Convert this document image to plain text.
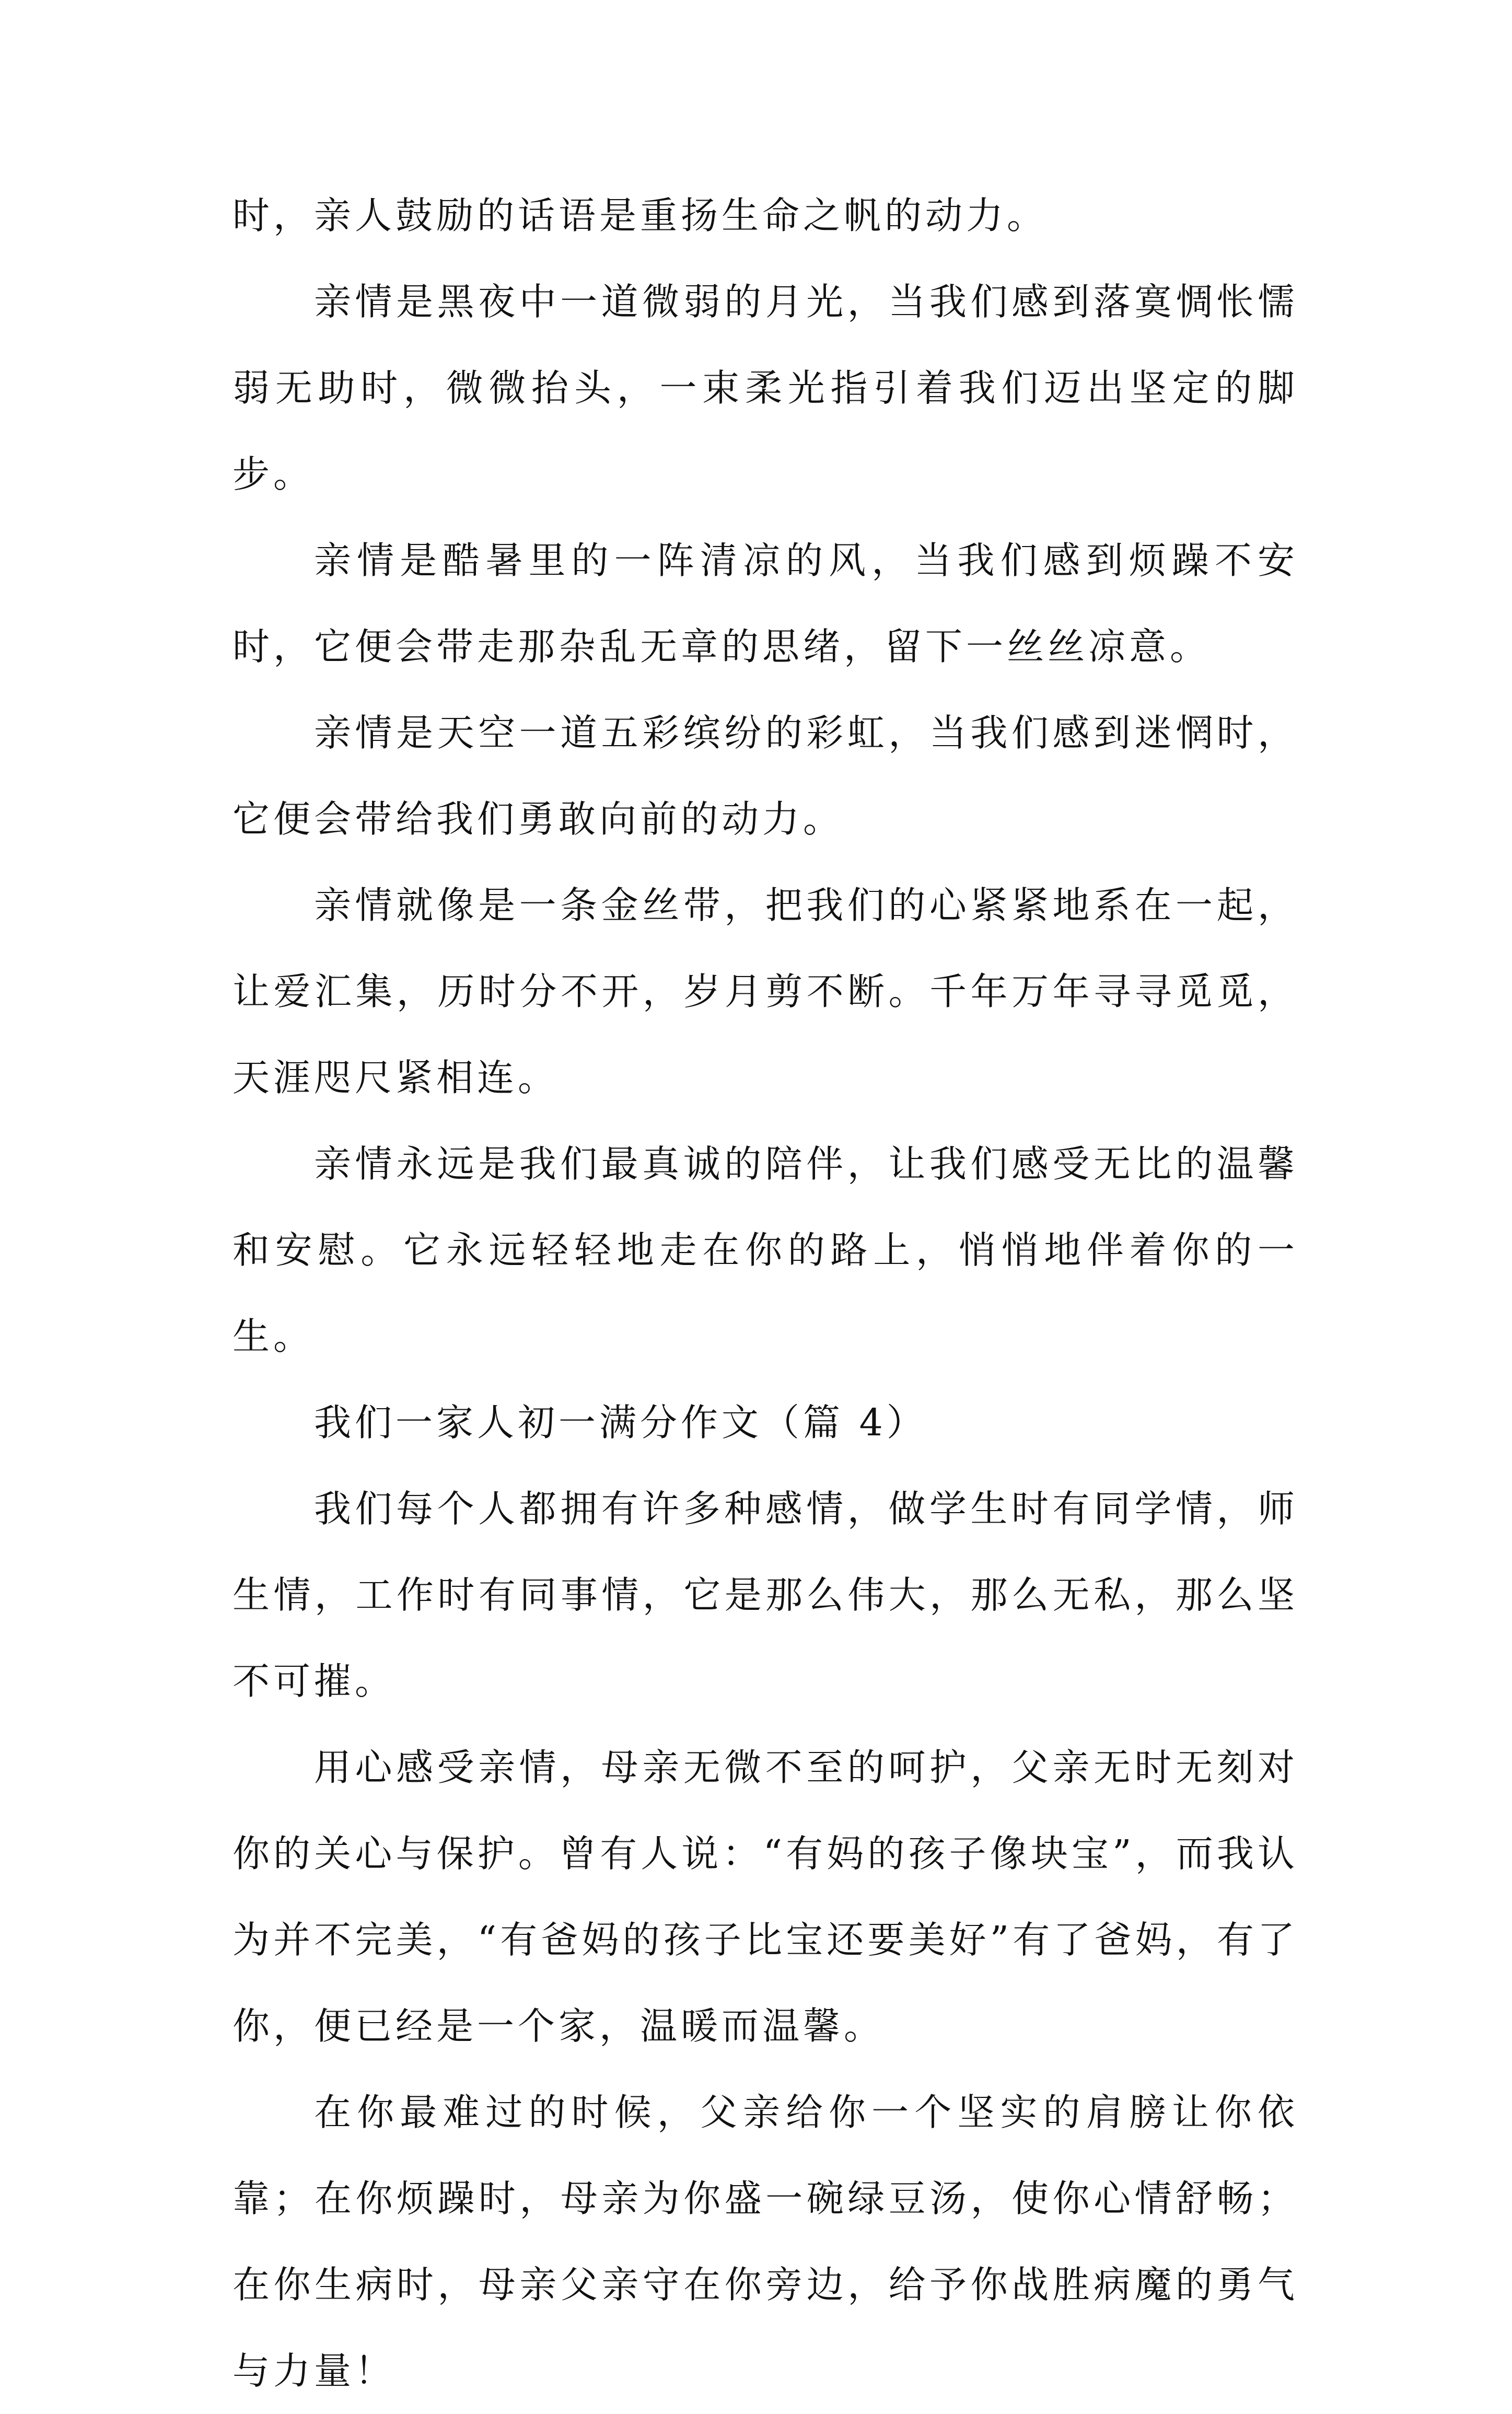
时，亲人鼓励的话语是重扬生命之帆的动力。

亲情是黑夜中一道微弱的月光，当我们感到落寞惆怅懦弱无助时，微微抬头，一束柔光指引着我们迈出坚定的脚步。

亲情是酷暑里的一阵清凉的风，当我们感到烦躁不安时，它便会带走那杂乱无章的思绪，留下一丝丝凉意。

亲情是天空一道五彩缤纷的彩虹，当我们感到迷惘时，它便会带给我们勇敢向前的动力。

亲情就像是一条金丝带，把我们的心紧紧地系在一起，让爱汇集，历时分不开，岁月剪不断。千年万年寻寻觅觅，天涯咫尺紧相连。

亲情永远是我们最真诚的陪伴，让我们感受无比的温馨和安慰。它永远轻轻地走在你的路上，悄悄地伴着你的一生。

我们一家人初一满分作文（篇 4）

我们每个人都拥有许多种感情，做学生时有同学情，师生情，工作时有同事情，它是那么伟大，那么无私，那么坚不可摧。

用心感受亲情，母亲无微不至的呵护，父亲无时无刻对你的关心与保护。曾有人说：“有妈的孩子像块宝”，而我认为并不完美，“有爸妈的孩子比宝还要美好”有了爸妈，有了你，便已经是一个家，温暖而温馨。

在你最难过的时候，父亲给你一个坚实的肩膀让你依靠；在你烦躁时，母亲为你盛一碗绿豆汤，使你心情舒畅；在你生病时，母亲父亲守在你旁边，给予你战胜病魔的勇气与力量！
